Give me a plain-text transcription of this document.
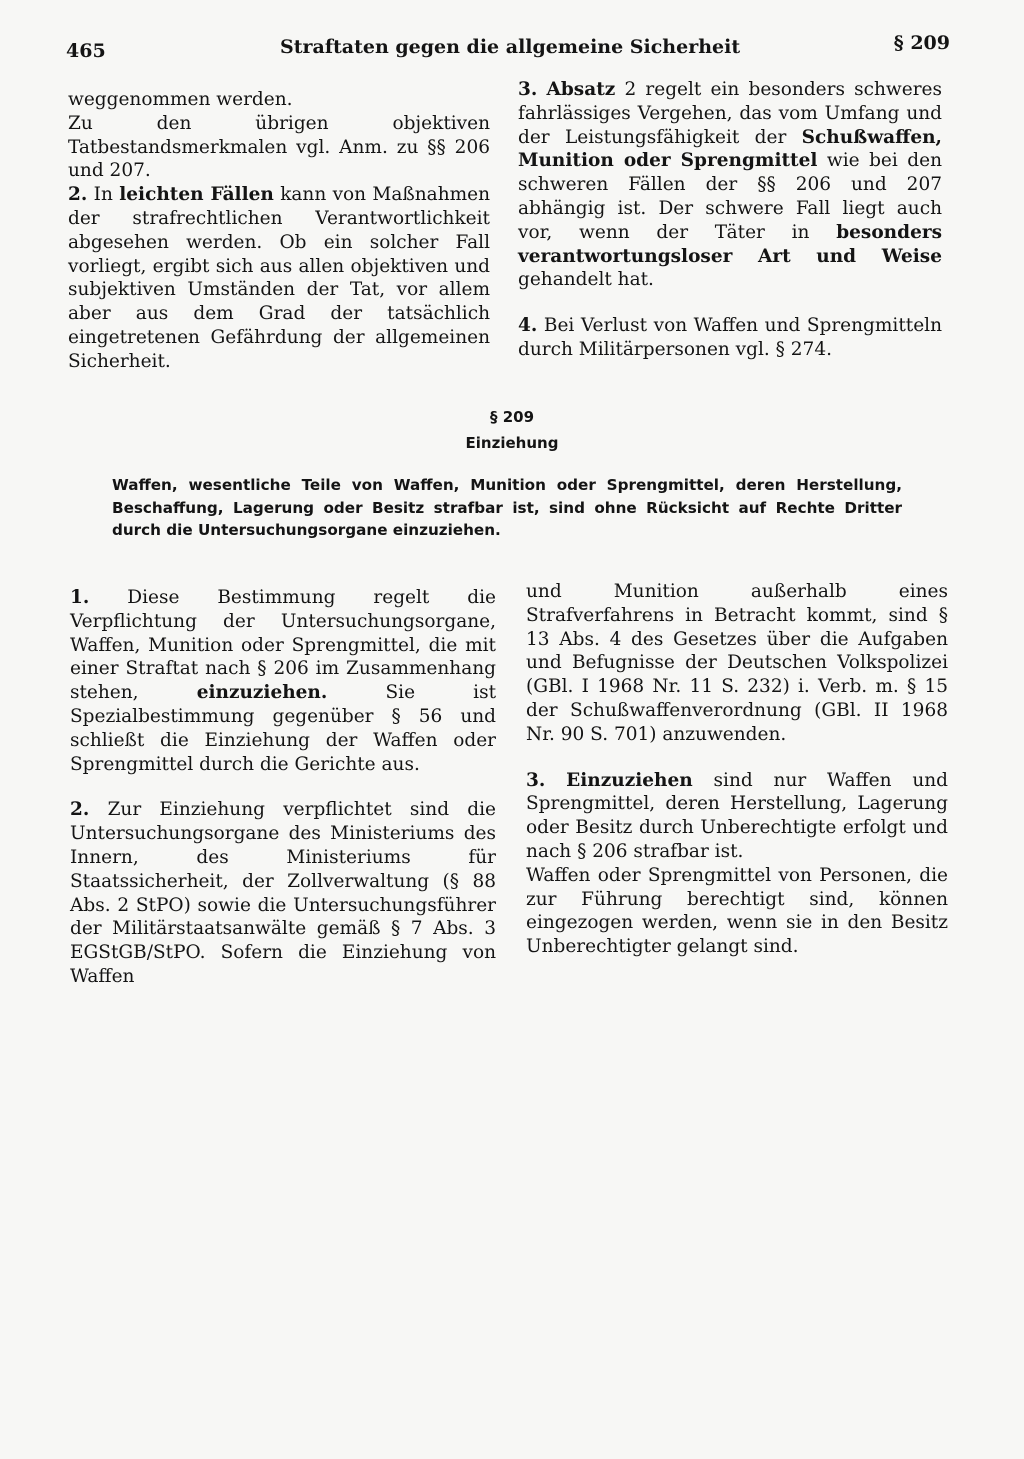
465	Straftaten gegen die allgemeine Sicherheit	§ 209

weggenommen werden.

Zu den übrigen objektiven Tatbestandsmerkmalen vgl. Anm. zu §§ 206 und 207.

2. In leichten Fällen kann von Maßnahmen der strafrechtlichen Verantwortlichkeit abgesehen werden. Ob ein solcher Fall vorliegt, ergibt sich aus allen objektiven und subjektiven Umständen der Tat, vor allem aber aus dem Grad der tatsächlich eingetretenen Gefährdung der allgemeinen Sicherheit.

3. Absatz 2 regelt ein besonders schweres fahrlässiges Vergehen, das vom Umfang und der Leistungsfähigkeit der Schußwaffen, Munition oder Sprengmittel wie bei den schweren Fällen der §§ 206 und 207 abhängig ist. Der schwere Fall liegt auch vor, wenn der Täter in besonders verantwortungsloser Art und Weise gehandelt hat.

4. Bei Verlust von Waffen und Sprengmitteln durch Militärpersonen vgl. § 274.

§ 209
Einziehung
Waffen, wesentliche Teile von Waffen, Munition oder Sprengmittel, deren Herstellung, Beschaffung, Lagerung oder Besitz strafbar ist, sind ohne Rücksicht auf Rechte Dritter durch die Untersuchungsorgane einzuziehen.

1. Diese Bestimmung regelt die Verpflichtung der Untersuchungsorgane, Waffen, Munition oder Sprengmittel, die mit einer Straftat nach § 206 im Zusammenhang stehen,	einzuziehen.	Sie ist Spezialbestimmung gegenüber § 56 und schließt die Einziehung der Waffen oder Sprengmittel durch die Gerichte aus.

2. Zur Einziehung verpflichtet sind die Untersuchungsorgane des Ministeriums des Innern, des Ministeriums für Staatssicherheit, der Zollverwaltung (§ 88 Abs. 2 StPO) sowie die Untersuchungsführer der Militärstaatsanwälte gemäß § 7 Abs. 3 EGStGB/StPO. Sofern die Einziehung von Waffen

und Munition außerhalb eines Strafverfahrens in Betracht kommt, sind § 13 Abs. 4 des Gesetzes über die Aufgaben und Befugnisse der Deutschen Volkspolizei (GBl. I 1968 Nr. 11 S. 232) i. Verb. m. § 15 der Schußwaffenverordnung (GBl. II 1968 Nr. 90 S. 701) anzuwenden.

3. Einzuziehen sind nur Waffen und Sprengmittel, deren Herstellung, Lagerung oder Besitz durch Unberechtigte erfolgt und nach § 206 strafbar ist.

Waffen oder Sprengmittel von Personen, die zur Führung berechtigt sind, können eingezogen werden, wenn sie in den Besitz Unberechtigter gelangt sind.
